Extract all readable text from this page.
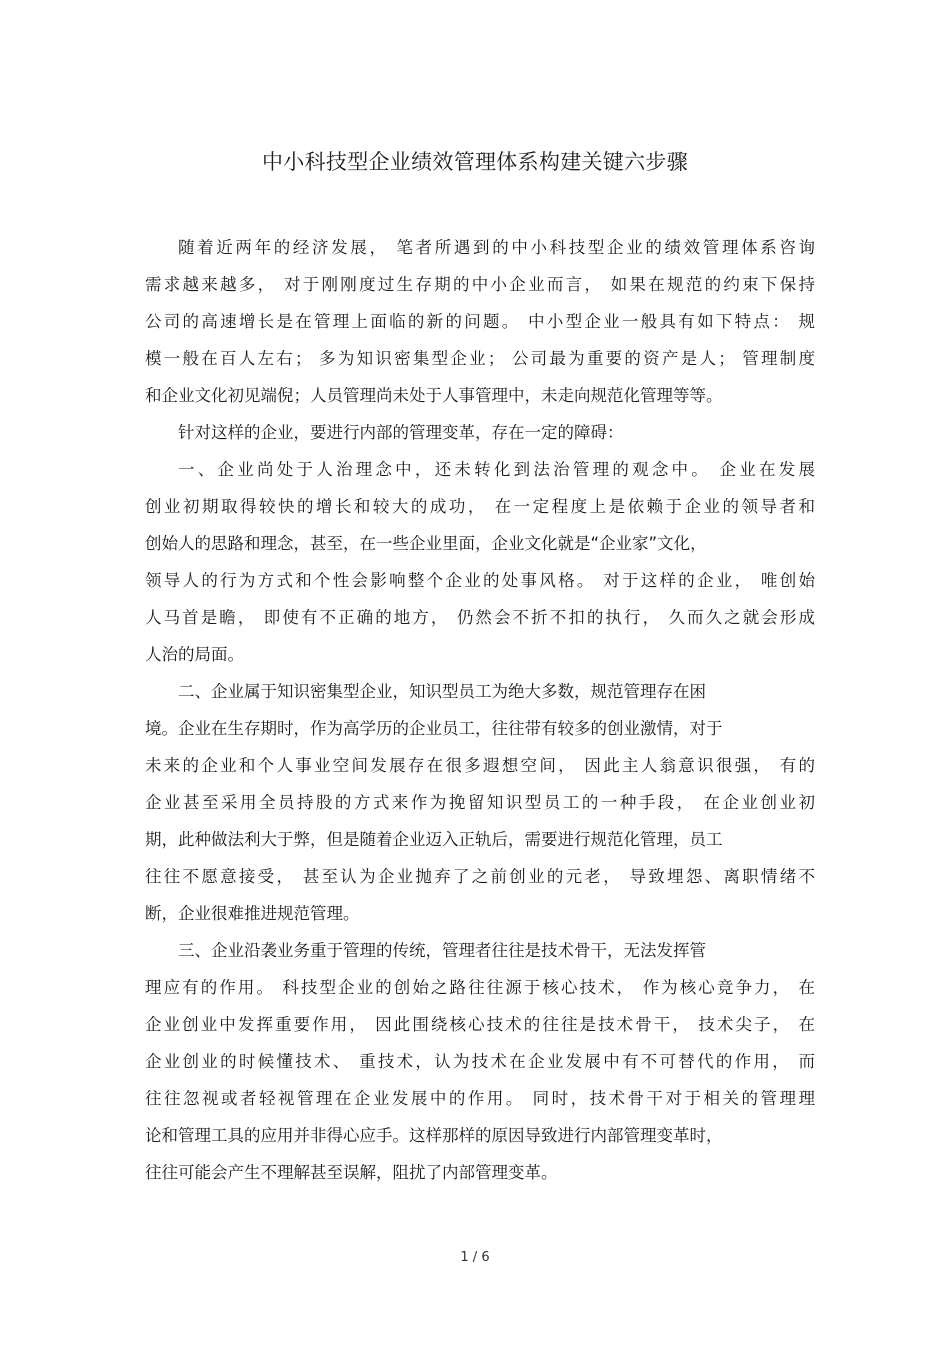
中小科技型企业绩效管理体系构建关键六步骤
随着近两年的经济发展， 笔者所遇到的中小科技型企业的绩效管理体系咨询
需求越来越多， 对于刚刚度过生存期的中小企业而言， 如果在规范的约束下保持
公司的高速增长是在管理上面临的新的问题。 中小型企业一般具有如下特点： 规
模一般在百人左右； 多为知识密集型企业； 公司最为重要的资产是人； 管理制度
和企业文化初见端倪；人员管理尚未处于人事管理中，未走向规范化管理等等。
针对这样的企业，要进行内部的管理变革，存在一定的障碍：
一、企业尚处于人治理念中，还未转化到法治管理的观念中。 企业在发展
创业初期取得较快的增长和较大的成功， 在一定程度上是依赖于企业的领导者和
创始人的思路和理念，甚至，在一些企业里面，企业文化就是“企业家”文化，
领导人的行为方式和个性会影响整个企业的处事风格。 对于这样的企业， 唯创始
人马首是瞻， 即使有不正确的地方， 仍然会不折不扣的执行， 久而久之就会形成
人治的局面。
二、企业属于知识密集型企业，知识型员工为绝大多数，规范管理存在困
境。企业在生存期时，作为高学历的企业员工，往往带有较多的创业激情，对于
未来的企业和个人事业空间发展存在很多遐想空间， 因此主人翁意识很强， 有的
企业甚至采用全员持股的方式来作为挽留知识型员工的一种手段， 在企业创业初
期，此种做法利大于弊，但是随着企业迈入正轨后，需要进行规范化管理，员工
往往不愿意接受， 甚至认为企业抛弃了之前创业的元老， 导致埋怨、离职情绪不
断，企业很难推进规范管理。
三、企业沿袭业务重于管理的传统，管理者往往是技术骨干，无法发挥管
理应有的作用。 科技型企业的创始之路往往源于核心技术， 作为核心竞争力， 在
企业创业中发挥重要作用， 因此围绕核心技术的往往是技术骨干， 技术尖子， 在
企业创业的时候懂技术、 重技术，认为技术在企业发展中有不可替代的作用， 而
往往忽视或者轻视管理在企业发展中的作用。 同时，技术骨干对于相关的管理理
论和管理工具的应用并非得心应手。这样那样的原因导致进行内部管理变革时，
往往可能会产生不理解甚至误解，阻扰了内部管理变革。
1 / 6
